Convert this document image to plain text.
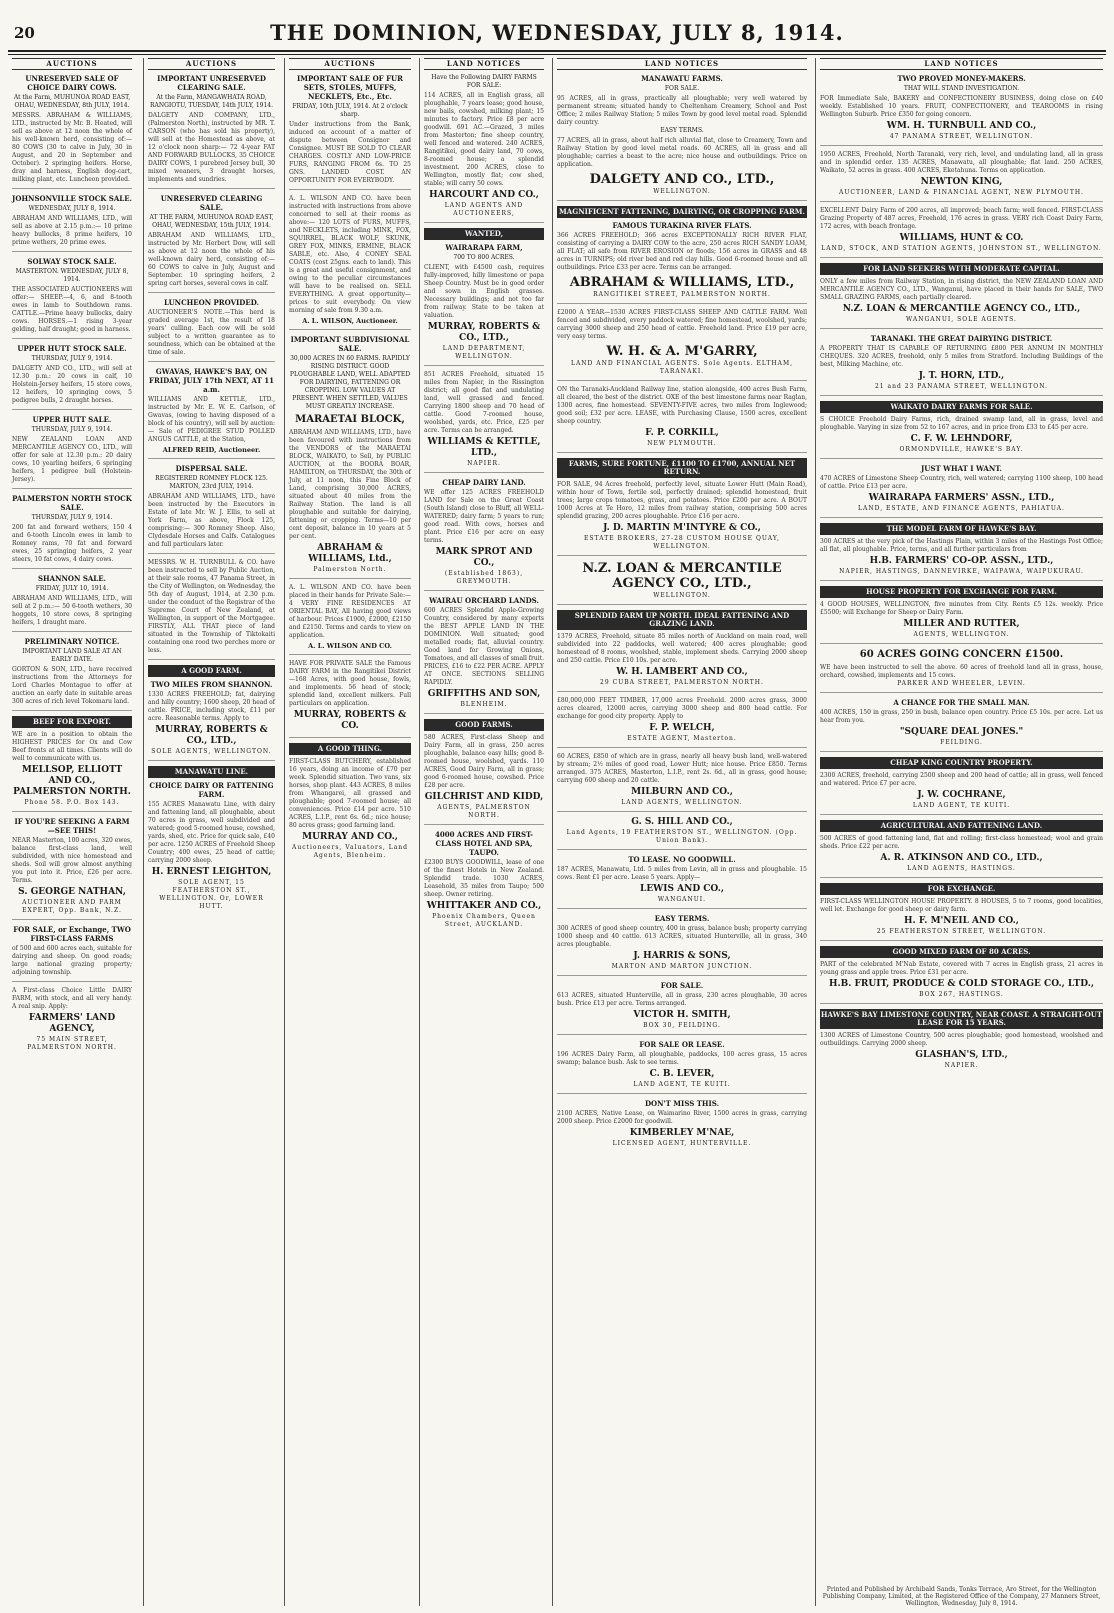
20	THE DOMINION, WEDNESDAY, JULY 8, 1914.
AUCTIONS
UNRESERVED SALE OF CHOICE DAIRY COWS.
At the Farm, MUHUNOA ROAD EAST, OHAU, WEDNESDAY, 8th JULY, 1914.
MESSRS. ABRAHAM & WILLIAMS, LTD., instructed by Mr. B. Heated, will sell as above at 12 noon the whole of his well-known herd, consisting of:— 80 COWS (30 to calve in July, 30 in August, and 20 in September and October). 2 springing heifers. Horse, dray and harness, English dog-cart, milking plant, etc. Luncheon provided.
JOHNSONVILLE STOCK SALE.
WEDNESDAY, JULY 8, 1914.
ABRAHAM AND WILLIAMS, LTD., will sell as above at 2.15 p.m.:— 10 prime heavy bullocks, 8 prime heifers, 10 prime wethers, 20 prime ewes.
SOLWAY STOCK SALE.
MASTERTON. WEDNESDAY, JULY 8, 1914.
THE ASSOCIATED AUCTIONEERS will offer:— SHEEP.—4, 6, and 8-tooth ewes in lamb to Southdown rams. CATTLE.—Prime heavy bullocks, dairy cows. HORSES.—1 rising 3-year gelding, half draught; good in harness.
UPPER HUTT STOCK SALE.
THURSDAY, JULY 9, 1914.
DALGETY AND CO., LTD., will sell at 12.30 p.m.: 20 cows in calf, 10 Holstein-Jersey heifers, 15 store cows, 12 heifers, 10 springing cows, 5 pedigree bulls, 2 draught horses.
UPPER HUTT SALE.
THURSDAY, JULY 9, 1914.
NEW ZEALAND LOAN AND MERCANTILE AGENCY CO., LTD., will offer for sale at 12.30 p.m.: 20 dairy cows, 10 yearling heifers, 6 springing heifers, 1 pedigree bull (Holstein-Jersey).
PALMERSTON NORTH STOCK SALE.
THURSDAY, JULY 9, 1914.
200 fat and forward wethers, 150 4 and 6-tooth Lincoln ewes in lamb to Romney rams, 70 fat and forward ewes, 25 springing heifers, 2 year steers, 10 fat cows, 4 dairy cows.
SHANNON SALE.
FRIDAY, JULY 10, 1914.
ABRAHAM AND WILLIAMS, LTD., will sell at 2 p.m.:— 50 6-tooth wethers, 30 hoggets, 10 store cows, 8 springing heifers, 1 draught mare.
PRELIMINARY NOTICE.
IMPORTANT LAND SALE AT AN EARLY DATE.
GORTON & SON, LTD., have received instructions from the Attorneys for Lord Charles Montague to offer at auction an early date in suitable areas 300 acres of rich level Tokomaru land.
BEEF FOR EXPORT.
WE are in a position to obtain the HIGHEST PRICES for Ox and Cow Beef fronts at all times. Clients will do well to communicate with us.
MELLSOP, ELLIOTT AND CO., PALMERSTON NORTH.
Phone 58. P.O. Box 143.
IF YOU'RE SEEKING A FARM—SEE THIS!
NEAR Masterton, 100 acres, 320 ewes, balance first-class land, well subdivided, with nice homestead and sheds. Soil will grow almost anything you put into it. Price, £26 per acre. Terms.
S. GEORGE NATHAN,
AUCTIONEER AND FARM EXPERT, Opp. Bank, N.Z.
FOR SALE, or Exchange, TWO FIRST-CLASS FARMS
of 500 and 600 acres each, suitable for dairying and sheep. On good roads; large national grazing property; adjoining township.
A First-class Choice Little DAIRY FARM, with stock, and all very handy. A real snip. Apply:
FARMERS' LAND AGENCY,
75 MAIN STREET, PALMERSTON NORTH.
AUCTIONS
IMPORTANT UNRESERVED CLEARING SALE.
At the Farm, MANGAWHATA ROAD, RANGIOTU, TUESDAY, 14th JULY, 1914.
DALGETY AND COMPANY, LTD., (Palmerston North), instructed by MR. T. CARSON (who has sold his property), will sell at the Homestead as above, at 12 o'clock noon sharp:— 72 4-year FAT AND FORWARD BULLOCKS, 35 CHOICE DAIRY COWS, 1 purebred Jersey bull, 30 mixed weaners, 3 draught horses, implements and sundries.
UNRESERVED CLEARING SALE.
AT THE FARM, MUHUNOA ROAD EAST, OHAU, WEDNESDAY, 15th JULY, 1914.
ABRAHAM AND WILLIAMS, LTD., instructed by Mr. Herbert Dow, will sell as above at 12 noon the whole of his well-known dairy herd, consisting of:— 60 COWS to calve in July, August and September. 10 springing heifers, 2 spring cart horses, several cows in calf.
LUNCHEON PROVIDED.
AUCTIONEER'S NOTE.—This herd is graded average 1st, the result of 18 years' culling. Each cow will be sold subject to a written guarantee as to soundness, which can be obtained at the time of sale.
GWAVAS, HAWKE'S BAY, ON FRIDAY, JULY 17th NEXT, AT 11 a.m.
WILLIAMS AND KETTLE, LTD., instructed by Mr. E. W. E. Carlson, of Gwavas, (owing to having disposed of a block of his country), will sell by auction:— Sale of PEDIGREE STUD POLLED ANGUS CATTLE, at the Station,
ALFRED REID, Auctioneer.
DISPERSAL SALE.
REGISTERED ROMNEY FLOCK 125. MARTON, 23rd JULY, 1914.
ABRAHAM AND WILLIAMS, LTD., have been instructed by the Executors in Estate of late Mr. W. J. Ellis, to sell at York Farm, as above, Flock 125, comprising:— 300 Romney Sheep. Also, Clydesdale Horses and Calfs. Catalogues and full particulars later.
MESSRS. W. H. TURNBULL & CO. have been instructed to sell by Public Auction, at their sale rooms, 47 Panama Street, in the City of Wellington, on Wednesday, the 5th day of August, 1914, at 2.30 p.m. under the conduct of the Registrar of the Supreme Court of New Zealand, at Wellington, in support of the Mortgagee. FIRSTLY, ALL THAT piece of land situated in the Township of Tiktokaiti containing one rood two perches more or less.
A GOOD FARM.
TWO MILES FROM SHANNON.
1330 ACRES FREEHOLD; fat, dairying and hilly country; 1600 sheep, 20 head of cattle. PRICE, including stock, £11 per acre. Reasonable terms. Apply to
MURRAY, ROBERTS & CO., LTD.,
SOLE AGENTS, WELLINGTON.
MANAWATU LINE.
CHOICE DAIRY OR FATTENING FARM.
155 ACRES Manawatu Line, with dairy and fattening land, all ploughable, about 70 acres in grass, well subdivided and watered; good 5-roomed house, cowshed, yards, shed, etc. Price for quick sale, £40 per acre. 1250 ACRES of Freehold Sheep Country; 400 ewes, 25 head of cattle; carrying 2000 sheep.
H. ERNEST LEIGHTON,
SOLE AGENT, 15 FEATHERSTON ST., WELLINGTON. Or, LOWER HUTT.
AUCTIONS
IMPORTANT SALE OF FUR SETS, STOLES, MUFFS, NECKLETS, Etc., Etc.
FRIDAY, 10th JULY, 1914. At 2 o'clock sharp.
Under instructions from the Bank, induced on account of a matter of dispute between Consignor and Consignee. MUST BE SOLD TO CLEAR CHARGES. COSTLY AND LOW-PRICE FURS, RANGING FROM 6s. TO 25 GNS. LANDED COST. AN OPPORTUNITY FOR EVERYBODY.
A. L. WILSON AND CO. have been instructed with instructions from above concerned to sell at their rooms as above:— 120 LOTS of FURS, MUFFS, and NECKLETS, including MINK, FOX, SQUIRREL, BLACK WOLF, SKUNK, GREY FOX, MINKS, ERMINE, BLACK SABLE, etc. Also, 4 CONEY SEAL COATS (cost 25gns. each to land). This is a great and useful consignment, and owing to the peculiar circumstances will have to be realised on. SELL EVERYTHING. A great opportunity—prices to suit everybody. On view morning of sale from 9.30 a.m.
A. L. WILSON, Auctioneer.
IMPORTANT SUBDIVISIONAL SALE.
30,000 ACRES IN 60 FARMS. RAPIDLY RISING DISTRICT. GOOD PLOUGHABLE LAND, WELL ADAPTED FOR DAIRYING, FATTENING OR CROPPING. LOW VALUES AT PRESENT. WHEN SETTLED, VALUES MUST GREATLY INCREASE.
MARAETAI BLOCK,
ABRAHAM AND WILLIAMS, LTD., have been favoured with instructions from the VENDORS of the MARAETAI BLOCK, WAIKATO, to Sell, by PUBLIC AUCTION, at the BOORA BOAR, HAMILTON, on THURSDAY, the 30th of July, at 11 noon, this Fine Block of Land, comprising 30,000 ACRES, situated about 40 miles from the Railway Station. The land is all ploughable and suitable for dairying, fattening or cropping. Terms—10 per cent deposit, balance in 10 years at 5 per cent.
ABRAHAM & WILLIAMS, Ltd.,
Palmerston North.
A. L. WILSON AND CO. have been placed in their hands for Private Sale:— 4 VERY FINE RESIDENCES AT ORIENTAL BAY, All having good views of harbour. Prices £1900, £2000, £2150 and £2150. Terms and cards to view on application.
A. L. WILSON AND CO.
HAVE FOR PRIVATE SALE the Famous DAIRY FARM in the Rangitikei District—168 Acres, with good house, fowls, and implements. 56 head of stock; splendid land, excellent milkers. Full particulars on application.
MURRAY, ROBERTS & CO.
A GOOD THING.
FIRST-CLASS BUTCHERY, established 16 years, doing an income of £70 per week. Splendid situation. Two vans, six horses, shop plant. 443 ACRES, 8 miles from Whangarei, all grassed and ploughable; good 7-roomed house; all conveniences. Price £14 per acre. 510 ACRES, L.I.P., rent 6s. 6d.; nice house; 80 acres grass; good farming land.
MURRAY AND CO.,
Auctioneers, Valuators, Land Agents, Blenheim.
LAND NOTICES
Have the Following DAIRY FARMS FOR SALE:
114 ACRES, all in English grass, all ploughable, 7 years lease; good house, new bails, cowshed, milking plant; 15 minutes to factory. Price £8 per acre goodwill. 691 AC.—Grazed, 3 miles from Masterton; fine sheep country, well fenced and watered. 240 ACRES, Rangitikei, good dairy land, 70 cows, 8-roomed house; a splendid investment. 200 ACRES, close to Wellington, mostly flat; cow shed, stable; will carry 50 cows.
HARCOURT AND CO.,
LAND AGENTS AND AUCTIONEERS,
WANTED,
WAIRARAPA FARM,
700 TO 800 ACRES.
CLIENT, with £4500 cash, requires fully-improved, hilly limestone or papa Sheep Country. Must be in good order and sown in English grasses. Necessary buildings; and not too far from railway. State to be taken at valuation.
MURRAY, ROBERTS & CO., LTD.,
LAND DEPARTMENT, WELLINGTON.
851 ACRES Freehold, situated 15 miles from Napier, in the Rissington district; all good flat and undulating land, well grassed and fenced. Carrying 1800 sheep and 70 head of cattle. Good 7-roomed house, woolshed, yards, etc. Price, £25 per acre. Terms can be arranged.
WILLIAMS & KETTLE, LTD.,
NAPIER.
CHEAP DAIRY LAND.
WE offer 125 ACRES FREEHOLD LAND for Sale on the Great Coast (South Island) close to Bluff, all WELL-WATERED; dairy farm; 5 years to run; good road. With cows, horses and plant. Price £16 per acre on easy terms.
MARK SPROT AND CO.,
(Established 1863), GREYMOUTH.
WAIRAU ORCHARD LANDS.
600 ACRES Splendid Apple-Growing Country, considered by many experts the BEST APPLE LAND IN THE DOMINION. Well situated; good metalled roads; flat, alluvial country. Good land for Growing Onions, Tomatoes, and all classes of small fruit. PRICES, £16 to £22 PER ACRE. APPLY AT ONCE. SECTIONS SELLING RAPIDLY.
GRIFFITHS AND SON,
BLENHEIM.
GOOD FARMS.
580 ACRES, First-class Sheep and Dairy Farm, all in grass, 250 acres ploughable, balance easy hills; good 8-roomed house, woolshed, yards. 110 ACRES, Good Dairy Farm, all in grass; good 6-roomed house, cowshed. Price £28 per acre.
GILCHRIST AND KIDD,
AGENTS, PALMERSTON NORTH.
4000 ACRES AND FIRST-CLASS HOTEL AND SPA, TAUPO.
£2300 BUYS GOODWILL, lease of one of the finest Hotels in New Zealand. Splendid trade. 1030 ACRES, Leasehold, 35 miles from Taupo; 500 sheep. Owner retiring.
WHITTAKER AND CO.,
Phoenix Chambers, Queen Street, AUCKLAND.
LAND NOTICES
MANAWATU FARMS.
FOR SALE.
95 ACRES, all in grass, practically all ploughable; very well watered by permanent stream; situated handy to Cheltenham Creamery, School and Post Office; 2 miles Railway Station; 5 miles Town by good level metal road. Splendid dairy country.
EASY TERMS.
77 ACRES, all in grass, about half rich alluvial flat, close to Creamery, Town and Railway Station by good level metal roads. 60 ACRES, all in grass and all ploughable; carries a beast to the acre; nice house and outbuildings. Price on application.
DALGETY AND CO., LTD.,
WELLINGTON.
MAGNIFICENT FATTENING, DAIRYING, OR CROPPING FARM.
FAMOUS TURAKINA RIVER FLATS.
366 ACRES FREEHOLD; 366 acres EXCEPTIONALLY RICH RIVER FLAT, consisting of carrying a DAIRY COW to the acre, 250 acres RICH SANDY LOAM, all FLAT; all safe from RIVER EROSION or floods; 156 acres in GRASS and 48 acres in TURNIPS; old river bed and red clay hills. Good 6-roomed house and all outbuildings. Price £33 per acre. Terms can be arranged.
ABRAHAM & WILLIAMS, LTD.,
RANGITIKEI STREET, PALMERSTON NORTH.
£2000 A YEAR—1530 ACRES FIRST-CLASS SHEEP AND CATTLE FARM. Well fenced and subdivided, every paddock watered; fine homestead, woolshed, yards; carrying 3000 sheep and 250 head of cattle. Freehold land. Price £19 per acre, very easy terms.
W. H. & A. M'GARRY,
LAND AND FINANCIAL AGENTS. Sole Agents. ELTHAM, TARANAKI.
ON the Taranaki-Auckland Railway line, station alongside, 400 acres Bush Farm, all cleared, the best of the district. OXE of the best limestone farms near Raglan, 1300 acres, fine homestead. SEVENTY-FIVE acres, two miles from Inglewood; good soil; £32 per acre. LEASE, with Purchasing Clause, 1500 acres, excellent sheep country.
F. P. CORKILL,
NEW PLYMOUTH.
FARMS, SURE FORTUNE, £1100 TO £1700, ANNUAL NET RETURN.
FOR SALE, 94 Acres freehold, perfectly level, situate Lower Hutt (Main Road), within hour of Town, fertile soil, perfectly drained; splendid homestead, fruit trees; large crops tomatoes, grass, and potatoes. Price £200 per acre. A BOUT 1000 Acres at Te Horo, 12 miles from railway station, comprising 500 acres splendid grazing, 200 acres ploughable. Price £16 per acre.
J. D. MARTIN M'INTYRE & CO.,
ESTATE BROKERS, 27-28 CUSTOM HOUSE QUAY, WELLINGTON.
N.Z. LOAN & MERCANTILE AGENCY CO., LTD.,
WELLINGTON.
SPLENDID FARM UP NORTH. IDEAL FATTENING AND GRAZING LAND.
1379 ACRES, Freehold, situate 85 miles north of Auckland on main road, well subdivided into 22 paddocks, well watered; 400 acres ploughable; good homestead of 8 rooms, woolshed, stable, implement sheds. Carrying 2000 sheep and 250 cattle. Price £10 10s. per acre.
W. H. LAMBERT AND CO.,
29 CUBA STREET, PALMERSTON NORTH.
£80,000,000 FEET TIMBER, 17,000 acres Freehold. 2000 acres grass, 3000 acres cleared, 12000 acres, carrying 3000 sheep and 800 head cattle. For exchange for good city property. Apply to
F. P. WELCH,
ESTATE AGENT, Masterton.
60 ACRES, £850 of which are in grass, nearly all heavy bush land, well-watered by stream; 2½ miles of good road, Lower Hutt; nice house. Price £850. Terms arranged. 375 ACRES, Masterton, L.I.P., rent 2s. 6d., all in grass, good house; carrying 600 sheep and 20 cattle.
MILBURN AND CO.,
LAND AGENTS, WELLINGTON.
G. S. HILL AND CO.,
Land Agents, 19 FEATHERSTON ST., WELLINGTON. (Opp. Union Bank).
TO LEASE. NO GOODWILL.
187 ACRES, Manawatu, Ltd. 5 miles from Levin, all in grass and ploughable. 15 cows. Rent £1 per acre. Lease 5 years. Apply—
LEWIS AND CO.,
WANGANUI.
EASY TERMS.
300 ACRES of good sheep country, 400 in grass, balance bush; property carrying 1000 sheep and 40 cattle. 613 ACRES, situated Hunterville, all in grass, 340 acres ploughable.
J. HARRIS & SONS,
MARTON AND MARTON JUNCTION.
FOR SALE.
613 ACRES, situated Hunterville, all in grass, 230 acres ploughable, 30 acres bush. Price £13 per acre. Terms arranged.
VICTOR H. SMITH,
BOX 30, FEILDING.
FOR SALE OR LEASE.
196 ACRES Dairy Farm, all ploughable, paddocks, 100 acres grass, 15 acres swamp; balance bush. Ask to see terms.
C. B. LEVER,
LAND AGENT, TE KUITI.
DON'T MISS THIS.
2100 ACRES, Native Lease, on Waimarino River, 1500 acres in grass, carrying 2000 sheep. Price £2000 for goodwill.
KIMBERLEY M'NAE,
LICENSED AGENT, HUNTERVILLE.
LAND NOTICES
TWO PROVED MONEY-MAKERS.
THAT WILL STAND INVESTIGATION.
FOR Immediate Sale, BAKERY and CONFECTIONERY BUSINESS, doing close on £40 weekly. Established 10 years. FRUIT, CONFECTIONERY, and TEAROOMS in rising Wellington Suburb. Price £350 for going concern.
WM. H. TURNBULL AND CO.,
47 PANAMA STREET, WELLINGTON.
1950 ACRES, Freehold, North Taranaki, very rich, level, and undulating land, all in grass and in splendid order. 135 ACRES, Manawatu, all ploughable; flat land. 250 ACRES, Waikato, 52 acres in grass. 400 ACRES, Eketahuna. Terms on application.
NEWTON KING,
AUCTIONEER, LAND & FINANCIAL AGENT, NEW PLYMOUTH.
EXCELLENT Dairy Farm of 200 acres, all improved; beach farm; well fenced. FIRST-CLASS Grazing Property of 487 acres, Freehold, 176 acres in grass. VERY rich Coast Dairy Farm, 172 acres, with beach frontage.
WILLIAMS, HUNT & CO.
LAND, STOCK, AND STATION AGENTS, JOHNSTON ST., WELLINGTON.
FOR LAND SEEKERS WITH MODERATE CAPITAL.
ONLY a few miles from Railway Station, in rising district, the NEW ZEALAND LOAN AND MERCANTILE AGENCY CO., LTD., Wanganui, have placed in their hands for SALE, TWO SMALL GRAZING FARMS, each partially cleared.
N.Z. LOAN & MERCANTILE AGENCY CO., LTD.,
WANGANUI, SOLE AGENTS.
TARANAKI. THE GREAT DAIRYING DISTRICT.
A PROPERTY THAT IS CAPABLE OF RETURNING £800 PER ANNUM IN MONTHLY CHEQUES. 320 ACRES, freehold, only 5 miles from Stratford. Including Buildings of the best, Milking Machine, etc.
J. T. HORN, LTD.,
21 and 23 PANAMA STREET, WELLINGTON.
WAIKATO DAIRY FARMS FOR SALE.
S CHOICE Freehold Dairy Farms, rich, drained swamp land, all in grass, level and ploughable. Varying in size from 52 to 167 acres, and in price from £33 to £45 per acre.
C. F. W. LEHNDORF,
ORMONDVILLE, HAWKE'S BAY.
JUST WHAT I WANT.
470 ACRES of Limestone Sheep Country, rich, well watered; carrying 1100 sheep, 100 head of cattle. Price £13 per acre.
WAIRARAPA FARMERS' ASSN., LTD.,
LAND, ESTATE, AND FINANCE AGENTS, PAHIATUA.
THE MODEL FARM OF HAWKE'S BAY.
300 ACRES at the very pick of the Hastings Plain, within 3 miles of the Hastings Post Office; all flat, all ploughable. Price, terms, and all further particulars from
H.B. FARMERS' CO-OP. ASSN., LTD.,
NAPIER, HASTINGS, DANNEVIRKE, WAIPAWA, WAIPUKURAU.
HOUSE PROPERTY FOR EXCHANGE FOR FARM.
4 GOOD HOUSES, WELLINGTON, five minutes from City. Rents £5 12s. weekly. Price £5500; will Exchange for Sheep or Dairy Farm.
MILLER AND RUTTER,
AGENTS, WELLINGTON.
60 ACRES GOING CONCERN £1500.
WE have been instructed to sell the above. 60 acres of freehold land all in grass, house, orchard, cowshed, implements and 15 cows.
PARKER AND WHEELER, LEVIN.
A CHANCE FOR THE SMALL MAN.
400 ACRES, 150 in grass, 250 in bush, balance open country. Price £5 10s. per acre. Let us hear from you.
"SQUARE DEAL JONES."
FEILDING.
CHEAP KING COUNTRY PROPERTY.
2300 ACRES, freehold, carrying 2500 sheep and 200 head of cattle; all in grass, well fenced and watered. Price £7 per acre.
J. W. COCHRANE,
LAND AGENT, TE KUITI.
AGRICULTURAL AND FATTENING LAND.
500 ACRES of good fattening land, flat and rolling; first-class homestead; wool and grain sheds. Price £22 per acre.
A. R. ATKINSON AND CO., LTD.,
LAND AGENTS, HASTINGS.
FOR EXCHANGE.
FIRST-CLASS WELLINGTON HOUSE PROPERTY. 8 HOUSES, 5 to 7 rooms, good localities, well let. Exchange for good sheep or dairy farm.
H. F. M'NEIL AND CO.,
25 FEATHERSTON STREET, WELLINGTON.
GOOD MIXED FARM OF 80 ACRES.
PART of the celebrated M'Nab Estate, covered with 7 acres in English grass, 21 acres in young grass and apple trees. Price £31 per acre.
H.B. FRUIT, PRODUCE & COLD STORAGE CO., LTD.,
BOX 267, HASTINGS.
HAWKE'S BAY LIMESTONE COUNTRY, NEAR COAST. A STRAIGHT-OUT LEASE FOR 15 YEARS.
1300 ACRES of Limestone Country, 500 acres ploughable; good homestead, woolshed and outbuildings. Carrying 2000 sheep.
GLASHAN'S, LTD.,
NAPIER.
Printed and Published by Archibald Sands, Tonks Terrace, Aro Street, for the Wellington Publishing Company, Limited, at the Registered Office of the Company, 27 Manners Street, Wellington, Wednesday, July 8, 1914.
